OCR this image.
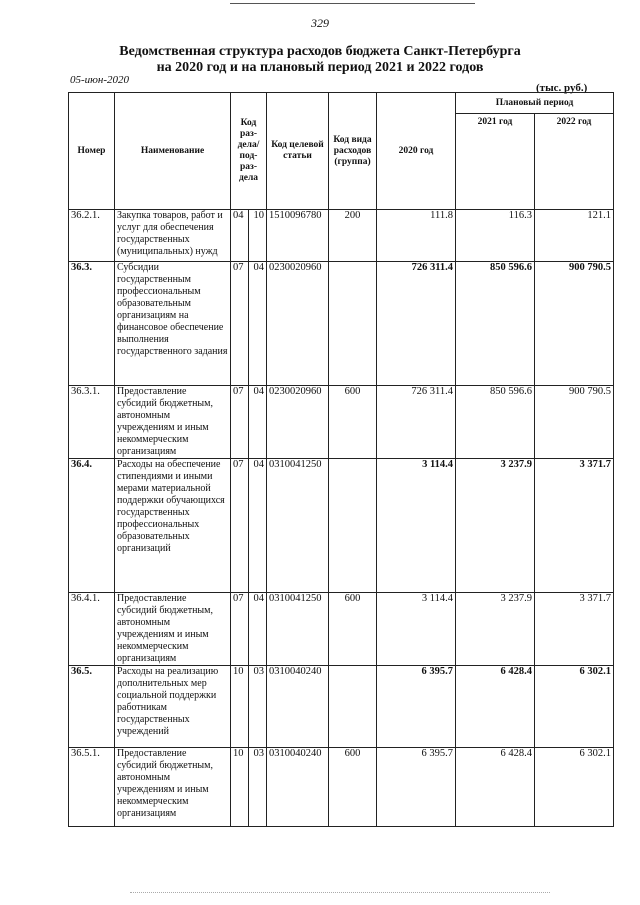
329
Ведомственная структура расходов бюджета Санкт-Петербурга
на 2020 год и на плановый период 2021 и 2022 годов
05-июн-2020
(тыс. руб.)
Номер	Наименование	Код раз-дела/ под-раз-дела		Код целевой статьи	Код вида расходов (группа)	2020 год	Плановый период	
							2021 год	2022 год
36.2.1.	Закупка товаров, работ и услуг для обеспечения государственных (муниципальных) нужд	04	10	1510096780	200	111.8	116.3	121.1
36.3.	Субсидии государственным профессиональным образовательным организациям на финансовое обеспечение выполнения государственного задания	07	04	0230020960		726 311.4	850 596.6	900 790.5
36.3.1.	Предоставление субсидий бюджетным, автономным учреждениям и иным некоммерческим организациям	07	04	0230020960	600	726 311.4	850 596.6	900 790.5
36.4.	Расходы на обеспечение стипендиями и иными мерами материальной поддержки обучающихся государственных профессиональных образовательных организаций	07	04	0310041250		3 114.4	3 237.9	3 371.7
36.4.1.	Предоставление субсидий бюджетным, автономным учреждениям и иным некоммерческим организациям	07	04	0310041250	600	3 114.4	3 237.9	3 371.7
36.5.	Расходы на реализацию дополнительных мер социальной поддержки работникам государственных учреждений	10	03	0310040240		6 395.7	6 428.4	6 302.1
36.5.1.	Предоставление субсидий бюджетным, автономным учреждениям и иным некоммерческим организациям	10	03	0310040240	600	6 395.7	6 428.4	6 302.1
